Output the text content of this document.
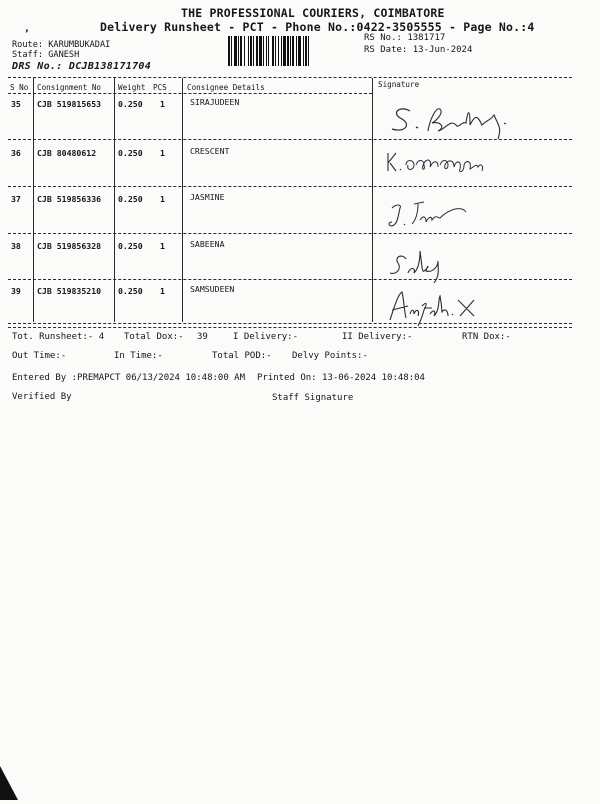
THE PROFESSIONAL COURIERS, COIMBATORE
Delivery Runsheet - PCT - Phone No.:0422-3505555 - Page No.:4
,
Route: KARUMBUKADAI
Staff: GANESH
DRS No.: DCJB138171704
RS No.: 1381717
RS Date: 13-Jun-2024
S No Consignment No Weight PCS	Consignee Details	Signature
35 CJB 519815653 0.250 1	SIRAJUDEEN
36 CJB 80480612	0.250 1	CRESCENT
37 CJB 519856336 0.250 1	JASMINE
38 CJB 519856328 0.250 1	SABEENA
39 CJB 519835210 0.250 1	SAMSUDEEN
Tot. Runsheet:- 4 Total Dox:- 39	I Delivery:-	II Delivery:-	RTN Dox:-
Out Time:-	In Time:-	Total POD:- Delvy Points:-
Entered By :PREMAPCT 06/13/2024 10:48:00 AM Printed On: 13-06-2024 10:48:04
Verified By	Staff Signature
